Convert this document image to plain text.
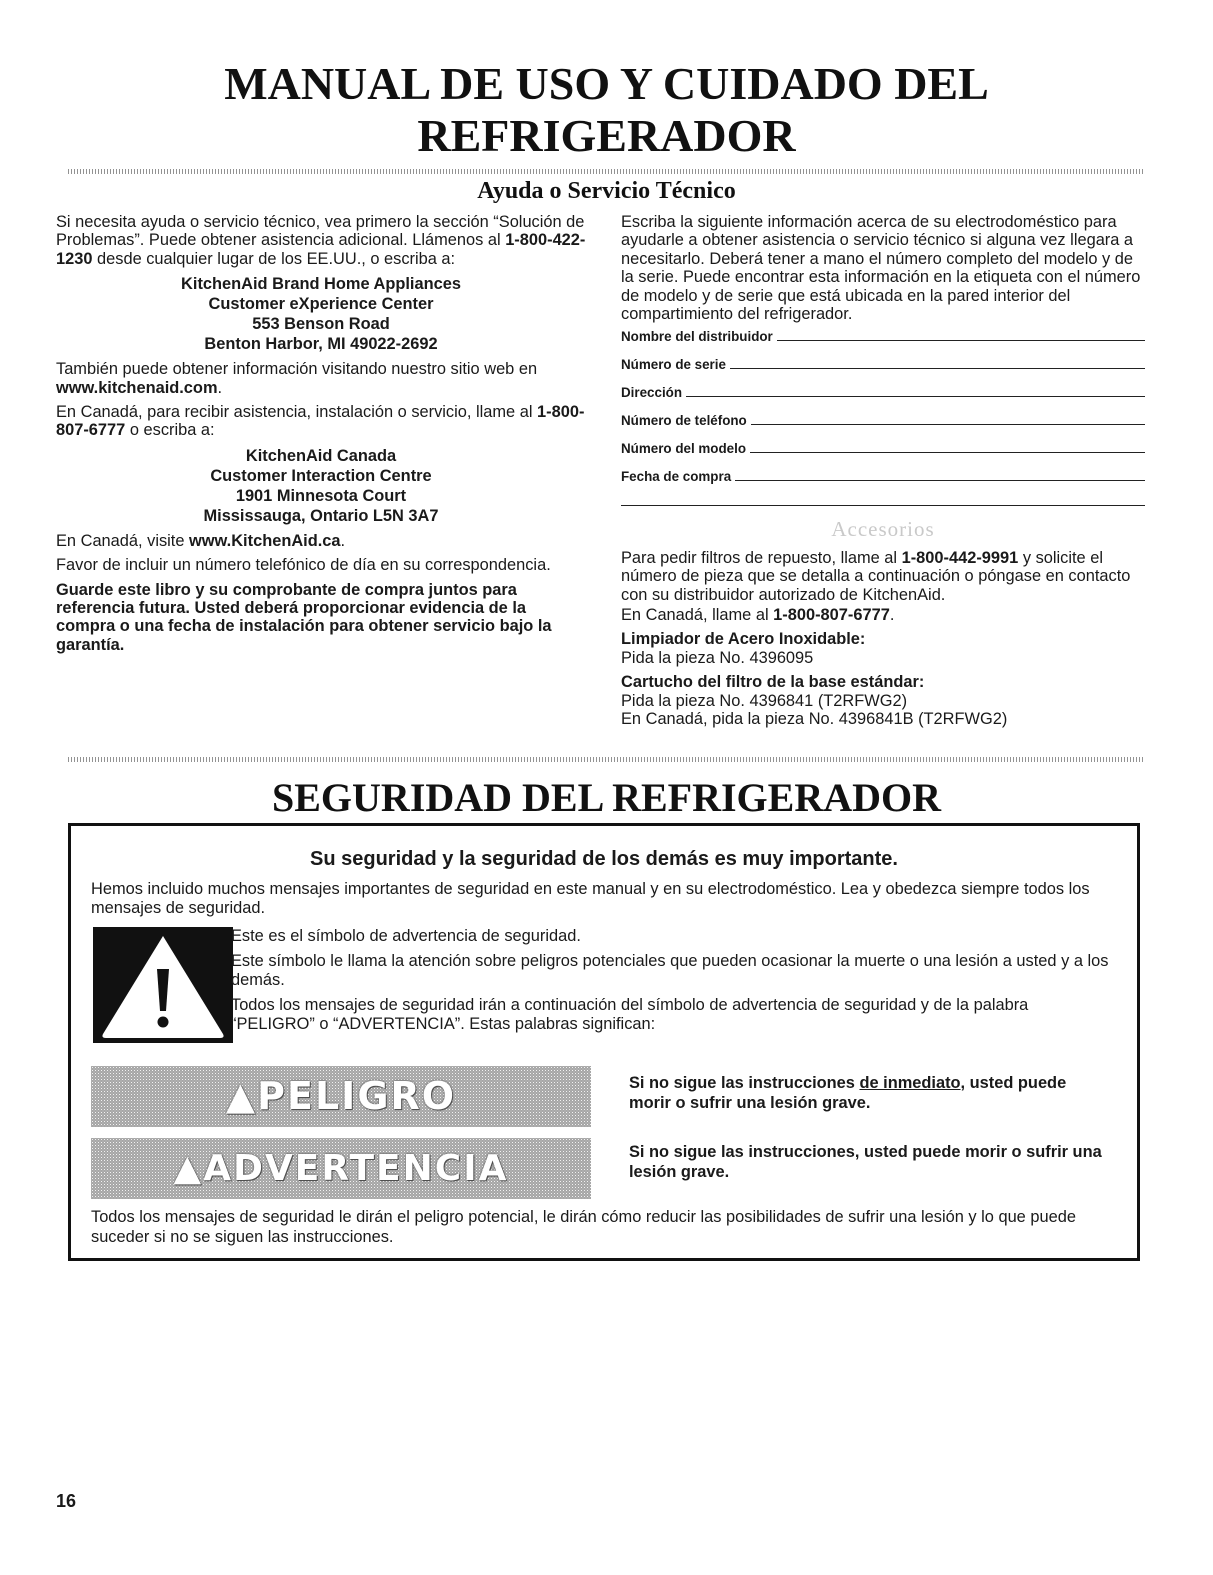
MANUAL DE USO Y CUIDADO DEL
REFRIGERADOR
Ayuda o Servicio Técnico

Si necesita ayuda o servicio técnico, vea primero la sección “Solución de Problemas”. Puede obtener asistencia adicional. Llámenos al 1-800-422-1230 desde cualquier lugar de los EE.UU., o escriba a:

KitchenAid Brand Home Appliances
Customer eXperience Center
553 Benson Road
Benton Harbor, MI 49022-2692

También puede obtener información visitando nuestro sitio web en www.kitchenaid.com.

En Canadá, para recibir asistencia, instalación o servicio, llame al 1-800-807-6777 o escriba a:

KitchenAid Canada
Customer Interaction Centre
1901 Minnesota Court
Mississauga, Ontario L5N 3A7

En Canadá, visite www.KitchenAid.ca.

Favor de incluir un número telefónico de día en su correspondencia.

Guarde este libro y su comprobante de compra juntos para referencia futura. Usted deberá proporcionar evidencia de la compra o una fecha de instalación para obtener servicio bajo la garantía.

Escriba la siguiente información acerca de su electrodoméstico para ayudarle a obtener asistencia o servicio técnico si alguna vez llegara a necesitarlo. Deberá tener a mano el número completo del modelo y de la serie. Puede encontrar esta información en la etiqueta con el número de modelo y de serie que está ubicada en la pared interior del compartimiento del refrigerador.

Nombre del distribuidor
Número de serie
Dirección
Número de teléfono
Número del modelo
Fecha de compra
Accesorios

Para pedir filtros de repuesto, llame al 1-800-442-9991 y solicite el número de pieza que se detalla a continuación o póngase en contacto con su distribuidor autorizado de KitchenAid.

En Canadá, llame al 1-800-807-6777.

Limpiador de Acero Inoxidable:

Pida la pieza No. 4396095

Cartucho del filtro de la base estándar:
Pida la pieza No. 4396841 (T2RFWG2)
En Canadá, pida la pieza No. 4396841B (T2RFWG2)
SEGURIDAD DEL REFRIGERADOR
Su seguridad y la seguridad de los demás es muy importante.
Hemos incluido muchos mensajes importantes de seguridad en este manual y en su electrodoméstico. Lea y obedezca siempre todos los mensajes de seguridad.
Este es el símbolo de advertencia de seguridad.
Este símbolo le llama la atención sobre peligros potenciales que pueden ocasionar la muerte o una lesión a usted y a los demás.
Todos los mensajes de seguridad irán a continuación del símbolo de advertencia de seguridad y de la palabra “PELIGRO” o “ADVERTENCIA”. Estas palabras significan:
▲PELIGRO	Si no sigue las instrucciones de inmediato, usted puede morir o sufrir una lesión grave.
▲ADVERTENCIA	Si no sigue las instrucciones, usted puede morir o sufrir una lesión grave.
Todos los mensajes de seguridad le dirán el peligro potencial, le dirán cómo reducir las posibilidades de sufrir una lesión y lo que puede suceder si no se siguen las instrucciones.
16
